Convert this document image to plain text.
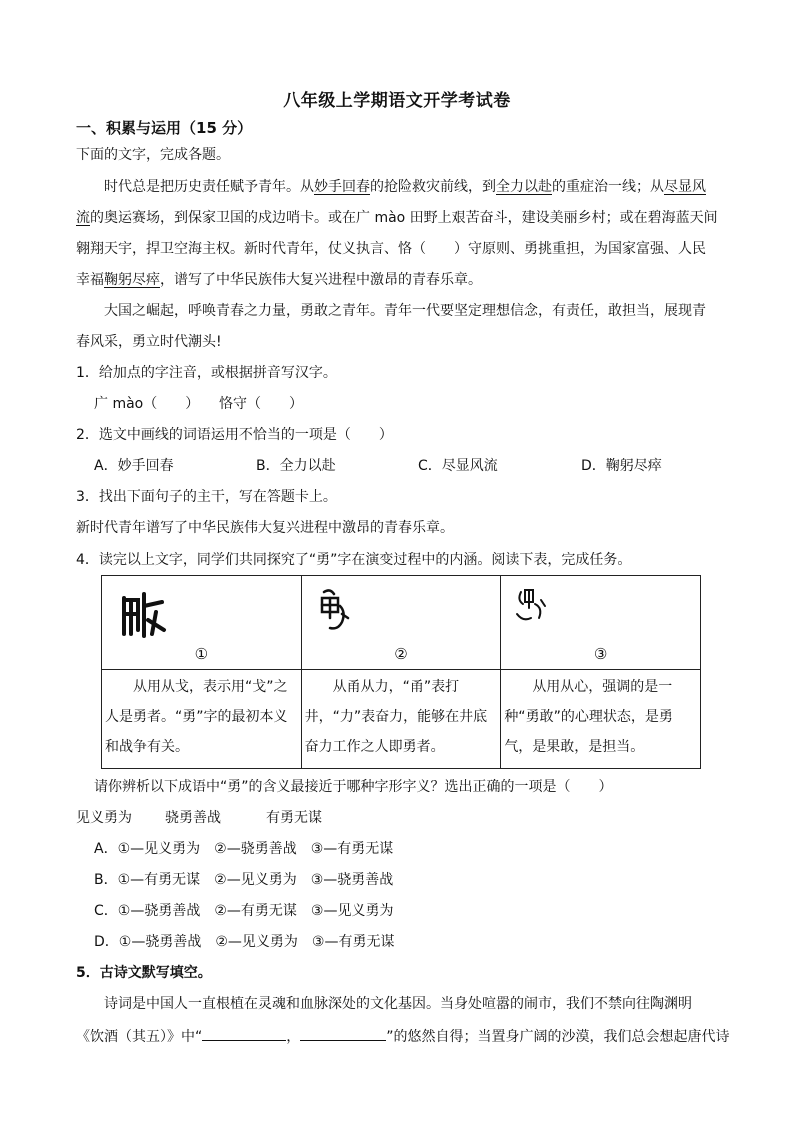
八年级上学期语文开学考试卷
一、积累与运用（15 分）
下面的文字，完成各题。
时代总是把历史责任赋予青年。从妙手回春的抢险救灾前线，到全力以赴的重症治一线；从尽显风
流的奥运赛场，到保家卫国的戍边哨卡。或在广 mào 田野上艰苦奋斗，建设美丽乡村；或在碧海蓝天间
翱翔天宇，捍卫空海主权。新时代青年，仗义执言、恪（　　）守原则、勇挑重担，为国家富强、人民
幸福鞠躬尽瘁，谱写了中华民族伟大复兴进程中激昂的青春乐章。
大国之崛起，呼唤青春之力量，勇敢之青年。青年一代要坚定理想信念，有责任，敢担当，展现青
春风采，勇立时代潮头!
1．给加点的字注音，或根据拼音写汉字。
广 mào（　　） 恪守（　　）
2．选文中画线的词语运用不恰当的一项是（　　）
A．妙手回春	B．全力以赴	C．尽显风流	D．鞠躬尽瘁
3．找出下面句子的主干，写在答题卡上。
新时代青年谱写了中华民族伟大复兴进程中激昂的青春乐章。
4．读完以上文字，同学们共同探究了“勇”字在演变过程中的内涵。阅读下表，完成任务。
①	②	③

从用从戈，表示用“戈”之人是勇者。“勇”字的最初本义和战争有关。	从甬从力，“甬”表打井，“力”表奋力，能够在井底奋力工作之人即勇者。	从用从心，强调的是一种“勇敢”的心理状态，是勇气，是果敢，是担当。
请你辨析以下成语中“勇”的含义最接近于哪种字形字义？选出正确的一项是（　　）
见义勇为 骁勇善战	有勇无谋
A．①—见义勇为 ②—骁勇善战 ③—有勇无谋
B．①—有勇无谋 ②—见义勇为 ③—骁勇善战
C．①—骁勇善战 ②—有勇无谋 ③—见义勇为
D．①—骁勇善战 ②—见义勇为 ③—有勇无谋
5．古诗文默写填空。
诗词是中国人一直根植在灵魂和血脉深处的文化基因。当身处喧嚣的闹市，我们不禁向往陶渊明
《饮酒（其五）》中“	，	”的悠然自得；当置身广阔的沙漠，我们总会想起唐代诗
